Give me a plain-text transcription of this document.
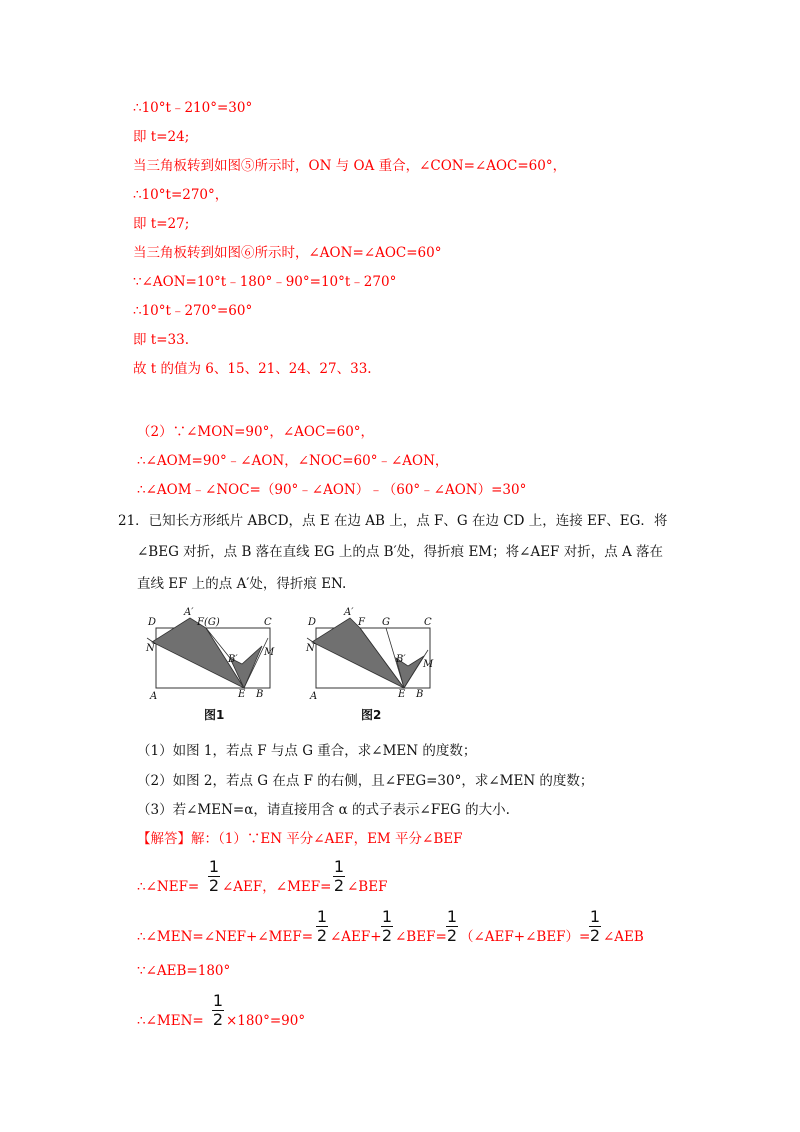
∴10°t﹣210°=30°
即 t=24;
当三角板转到如图⑤所示时，ON 与 OA 重合，∠CON=∠AOC=60°，
∴10°t=270°，
即 t=27;
当三角板转到如图⑥所示时，∠AON=∠AOC=60°
∵∠AON=10°t﹣180°﹣90°=10°t﹣270°
∴10°t﹣270°=60°
即 t=33.
故 t 的值为 6、15、21、24、27、33.
（2）∵∠MON=90°，∠AOC=60°，
∴∠AOM=90°﹣∠AON，∠NOC=60°﹣∠AON，
∴∠AOM﹣∠NOC=（90°﹣∠AON）﹣（60°﹣∠AON）=30°
21．已知长方形纸片 ABCD，点 E 在边 AB 上，点 F、G 在边 CD 上，连接 EF、EG．将
∠BEG 对折，点 B 落在直线 EG 上的点 B′处，得折痕 EM；将∠AEF 对折，点 A 落在
直线 EF 上的点 A′处，得折痕 EN.
D
A′
F(G)	C
N
B′
M
A	E B
图1
D
A′
F G	C
N
B′ M
A	E B
图2
（1）如图 1，若点 F 与点 G 重合，求∠MEN 的度数；
（2）如图 2，若点 G 在点 F 的右侧，且∠FEG=30°，求∠MEN 的度数；
（3）若∠MEN=α，请直接用含 α 的式子表示∠FEG 的大小.
【解答】解：（1）∵EN 平分∠AEF，EM 平分∠BEF
∴∠NEF=
1
2 ∠AEF，∠MEF=
1
2 ∠BEF
∴∠MEN=∠NEF+∠MEF=
1
2 ∠AEF+
1
2 ∠BEF=
1
2 （∠AEF+∠BEF）=
1
2 ∠AEB
∵∠AEB=180°
∴∠MEN=
1
2 ×180°=90°
